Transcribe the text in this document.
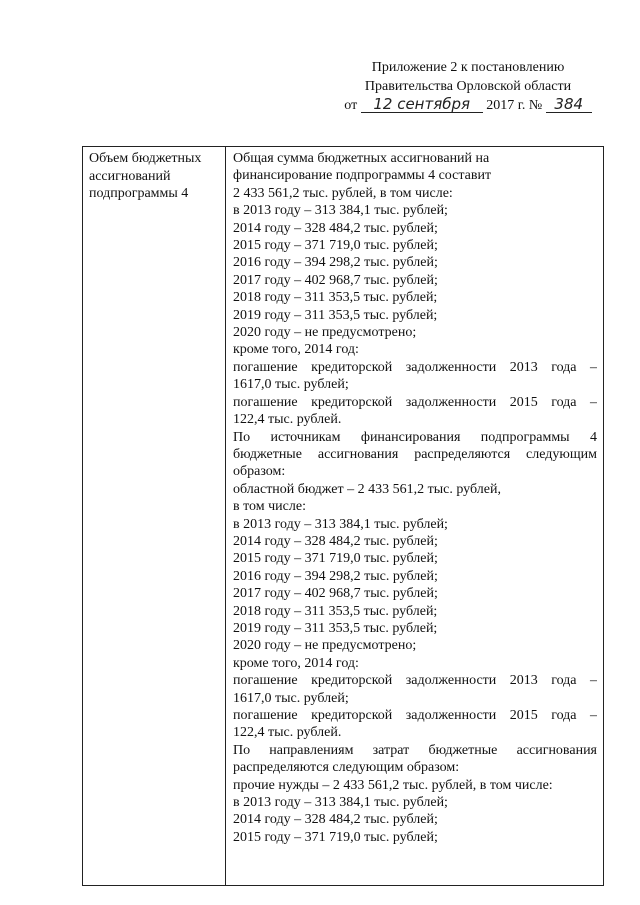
Приложение 2 к постановлению
Правительства Орловской области
от 12 сентября 2017 г. № 384
Объем бюджетных
ассигнований
подпрограммы 4
Общая сумма бюджетных ассигнований на
финансирование подпрограммы 4 составит
2 433 561,2 тыс. рублей, в том числе:
в 2013 году – 313 384,1 тыс. рублей;
2014 году – 328 484,2 тыс. рублей;
2015 году – 371 719,0 тыс. рублей;
2016 году – 394 298,2 тыс. рублей;
2017 году – 402 968,7 тыс. рублей;
2018 году – 311 353,5 тыс. рублей;
2019 году – 311 353,5 тыс. рублей;
2020 году – не предусмотрено;
кроме того, 2014 год:
погашение кредиторской задолженности 2013 года –
1617,0 тыс. рублей;
погашение кредиторской задолженности 2015 года –
122,4 тыс. рублей.
По источникам финансирования подпрограммы 4
бюджетные ассигнования распределяются следующим
образом:
областной бюджет – 2 433 561,2 тыс. рублей,
в том числе:
в 2013 году – 313 384,1 тыс. рублей;
2014 году – 328 484,2 тыс. рублей;
2015 году – 371 719,0 тыс. рублей;
2016 году – 394 298,2 тыс. рублей;
2017 году – 402 968,7 тыс. рублей;
2018 году – 311 353,5 тыс. рублей;
2019 году – 311 353,5 тыс. рублей;
2020 году – не предусмотрено;
кроме того, 2014 год:
погашение кредиторской задолженности 2013 года –
1617,0 тыс. рублей;
погашение кредиторской задолженности 2015 года –
122,4 тыс. рублей.
По направлениям затрат бюджетные ассигнования
распределяются следующим образом:
прочие нужды – 2 433 561,2 тыс. рублей, в том числе:
в 2013 году – 313 384,1 тыс. рублей;
2014 году – 328 484,2 тыс. рублей;
2015 году – 371 719,0 тыс. рублей;
